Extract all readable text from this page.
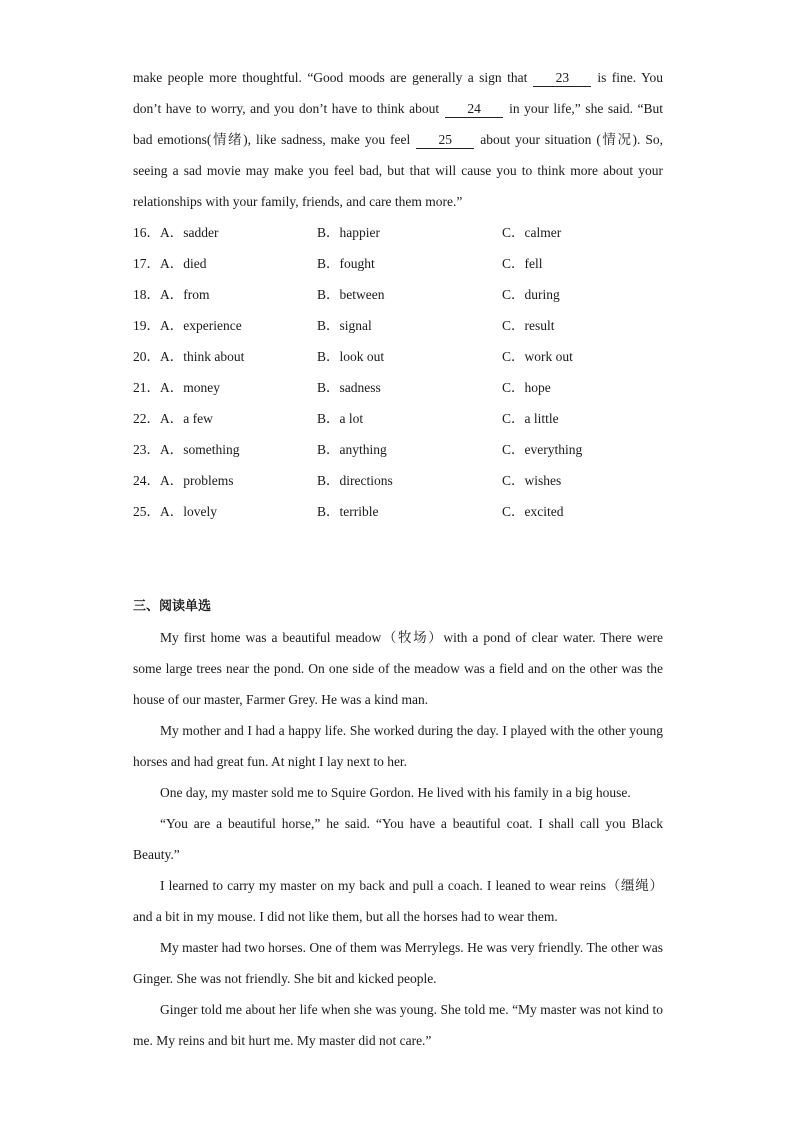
make people more thoughtful. “Good moods are generally a sign that 23 is fine. You don’t have to worry, and you don’t have to think about 24 in your life,” she said. “But bad emotions(情绪), like sadness, make you feel 25 about your situation (情况). So, seeing a sad movie may make you feel bad, but that will cause you to think more about your relationships with your family, friends, and care them more.”

16．A．sadder	B．happier	C．calmer
17．A．died	B．fought	C．fell
18．A．from	B．between	C．during
19．A．experience	B．signal	C．result
20．A．think about	B．look out	C．work out
21．A．money	B．sadness	C．hope
22．A．a few	B．a lot	C．a little
23．A．something	B．anything	C．everything
24．A．problems	B．directions	C．wishes
25．A．lovely	B．terrible	C．excited

三、阅读单选

My first home was a beautiful meadow（牧场）with a pond of clear water. There were some large trees near the pond. On one side of the meadow was a field and on the other was the house of our master, Farmer Grey. He was a kind man.

My mother and I had a happy life. She worked during the day. I played with the other young horses and had great fun. At night I lay next to her.

One day, my master sold me to Squire Gordon. He lived with his family in a big house.

“You are a beautiful horse,” he said. “You have a beautiful coat. I shall call you Black Beauty.”

I learned to carry my master on my back and pull a coach. I leaned to wear reins（缰绳）and a bit in my mouse. I did not like them, but all the horses had to wear them.

My master had two horses. One of them was Merrylegs. He was very friendly. The other was Ginger. She was not friendly. She bit and kicked people.

Ginger told me about her life when she was young. She told me. “My master was not kind to me. My reins and bit hurt me. My master did not care.”
